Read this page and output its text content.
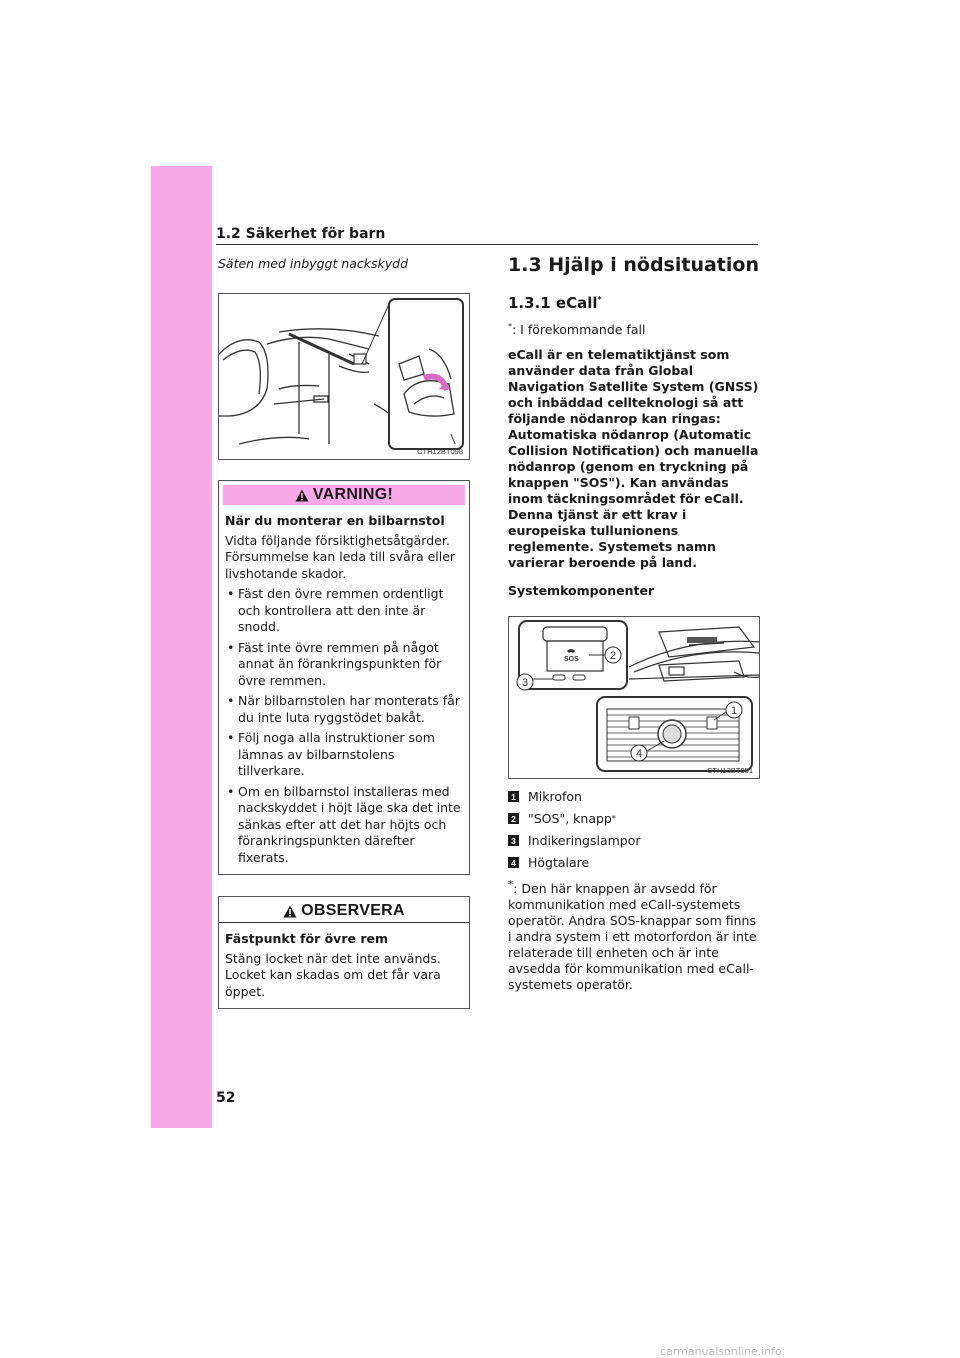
1.2 Säkerhet för barn

Säten med inbyggt nackskydd

CTH12BT098
VARNING!
När du monterar en bilbarnstol

Vidta följande försiktighetsåtgärder. Försummelse kan leda till svåra eller livshotande skador.

• Fäst den övre remmen ordentligt och kontrollera att den inte är snodd.
• Fäst inte övre remmen på något annat än förankringspunkten för övre remmen.
• När bilbarnstolen har monterats får du inte luta ryggstödet bakåt.
• Följ noga alla instruktioner som lämnas av bilbarnstolens tillverkare.
• Om en bilbarnstol installeras med nackskyddet i höjt läge ska det inte sänkas efter att det har höjts och förankringspunkten därefter fixerats.
OBSERVERA
Fästpunkt för övre rem

Stäng locket när det inte används. Locket kan skadas om det får vara öppet.

1.3 Hjälp i nödsituation
1.3.1 eCall*
*: I förekommande fall
eCall är en telematiktjänst som använder data från Global Navigation Satellite System (GNSS) och inbäddad cellteknologi så att följande nödanrop kan ringas: Automatiska nödanrop (Automatic Collision Notification) och manuella nödanrop (genom en tryckning på knappen "SOS"). Kan användas inom täckningsområdet för eCall. Denna tjänst är ett krav i europeiska tullunionens reglemente. Systemets namn varierar beroende på land.
Systemkomponenter
SOS
1
2
3
4
CTH13BT051
1 Mikrofon
2 "SOS", knapp *
3 Indikeringslampor
4 Högtalare
*: Den här knappen är avsedd för kommunikation med eCall-systemets operatör. Andra SOS-knappar som finns i andra system i ett motorfordon är inte relaterade till enheten och är inte avsedda för kommunikation med eCall-systemets operatör.
52
carmanualsonline.info
